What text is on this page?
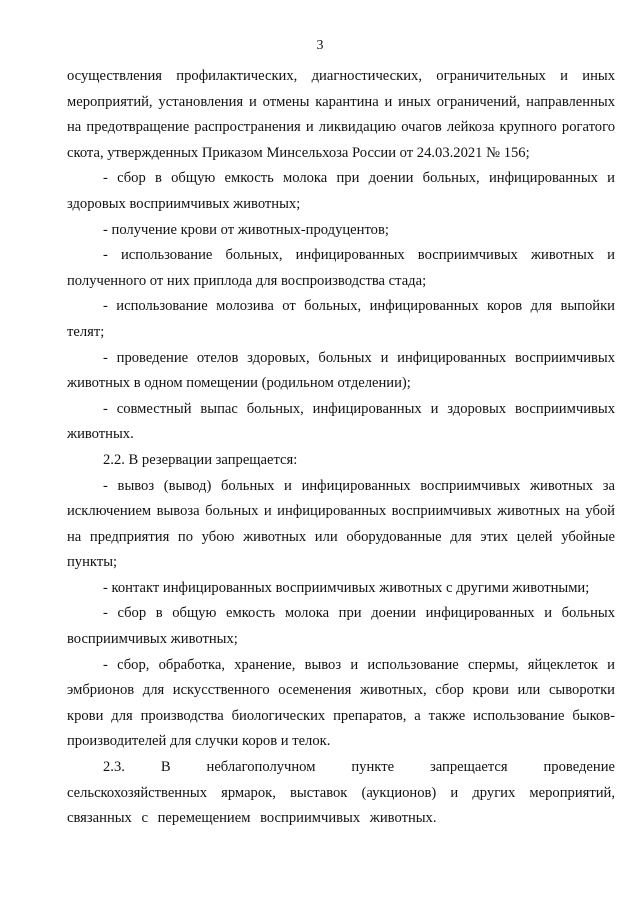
3

осуществления профилактических, диагностических, ограничительных и иных мероприятий, установления и отмены карантина и иных ограничений, направленных на предотвращение распространения и ликвидацию очагов лейкоза крупного рогатого скота, утвержденных Приказом Минсельхоза России от 24.03.2021 № 156;

- сбор в общую емкость молока при доении больных, инфицированных и здоровых восприимчивых животных;

- получение крови от животных-продуцентов;

- использование больных, инфицированных восприимчивых животных и полученного от них приплода для воспроизводства стада;

- использование молозива от больных, инфицированных коров для выпойки телят;

- проведение отелов здоровых, больных и инфицированных восприимчивых животных в одном помещении (родильном отделении);

- совместный выпас больных, инфицированных и здоровых восприимчивых животных.

2.2. В резервации запрещается:

- вывоз (вывод) больных и инфицированных восприимчивых животных за исключением вывоза больных и инфицированных восприимчивых животных на убой на предприятия по убою животных или оборудованные для этих целей убойные пункты;

- контакт инфицированных восприимчивых животных с другими животными;

- сбор в общую емкость молока при доении инфицированных и больных восприимчивых животных;

- сбор, обработка, хранение, вывоз и использование спермы, яйцеклеток и эмбрионов для искусственного осеменения животных, сбор крови или сыворотки крови для производства биологических препаратов, а также использование быков-производителей для случки коров и телок.

2.3. В неблагополучном пункте запрещается проведение сельскохозяйственных ярмарок, выставок (аукционов) и других мероприятий, связанных с перемещением восприимчивых животных.
